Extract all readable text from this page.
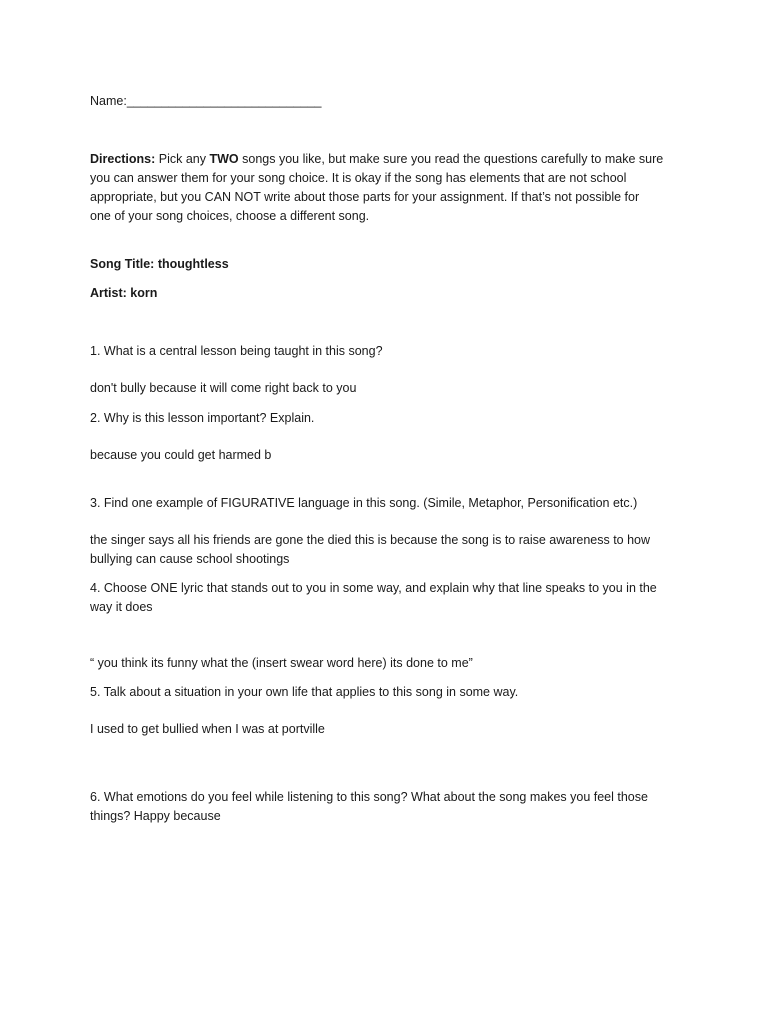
Name:____________________________
Directions: Pick any TWO songs you like, but make sure you read the questions carefully to make sure
you can answer them for your song choice. It is okay if the song has elements that are not school
appropriate, but you CAN NOT write about those parts for your assignment. If that’s not possible for
one of your song choices, choose a different song.
Song Title: thoughtless
Artist: korn
1. What is a central lesson being taught in this song?
don't bully because it will come right back to you
2. Why is this lesson important? Explain.
because you could get harmed b
3. Find one example of FIGURATIVE language in this song. (Simile, Metaphor, Personification etc.)
the singer says all his friends are gone the died this is because the song is to raise awareness to how
bullying can cause school shootings
4. Choose ONE lyric that stands out to you in some way, and explain why that line speaks to you in the
way it does
“ you think its funny what the (insert swear word here) its done to me”
5. Talk about a situation in your own life that applies to this song in some way.
I used to get bullied when I was at portville
6. What emotions do you feel while listening to this song? What about the song makes you feel those
things? Happy because
